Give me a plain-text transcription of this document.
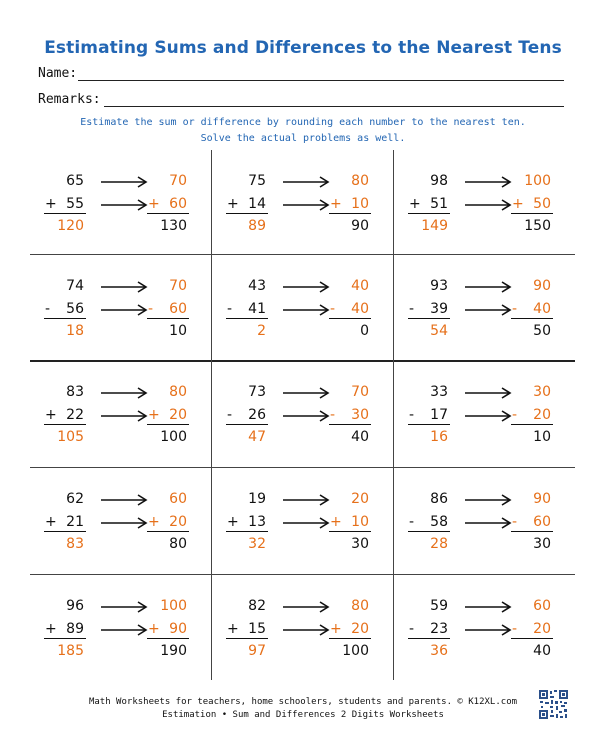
Estimating Sums and Differences to the Nearest Tens
Name:
Remarks:
Estimate the sum or difference by rounding each number to the nearest ten.
Solve the actual problems as well.
65
+ 55
120
70
+ 60
130
75
+ 14
89
80
+ 10
90
98
+ 51
149
100
+ 50
150
74
- 56
18
70
- 60
10
43
- 41
2
40
- 40
0
93
- 39
54
90
- 40
50
83
+ 22
105
80
+ 20
100
73
- 26
47
70
- 30
40
33
- 17
16
30
- 20
10
62
+ 21
83
60
+ 20
80
19
+ 13
32
20
+ 10
30
86
- 58
28
90
- 60
30
96
+ 89
185
100
+ 90
190
82
+ 15
97
80
+ 20
100
59
- 23
36
60
- 20
40
Math Worksheets for teachers, home schoolers, students and parents. © K12XL.com
Estimation • Sum and Differences 2 Digits Worksheets
